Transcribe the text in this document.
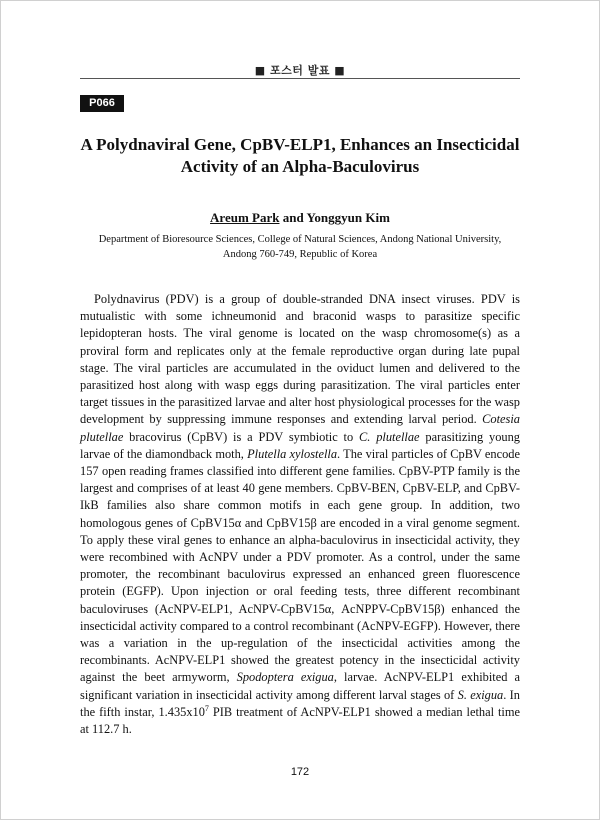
■ 포스터 발표 ■
P066
A Polydnaviral Gene, CpBV-ELP1, Enhances an Insecticidal
Activity of an Alpha-Baculovirus
Areum Park and Yonggyun Kim
Department of Bioresource Sciences, College of Natural Sciences, Andong National University,
Andong 760-749, Republic of Korea

Polydnavirus (PDV) is a group of double-stranded DNA insect viruses. PDV is mutualistic with some ichneumonid and braconid wasps to parasitize specific lepidopteran hosts. The viral genome is located on the wasp chromosome(s) as a proviral form and replicates only at the female reproductive organ during late pupal stage. The viral particles are accumulated in the oviduct lumen and delivered to the parasitized host along with wasp eggs during parasitization. The viral particles enter target tissues in the parasitized larvae and alter host physiological processes for the wasp development by suppressing immune responses and extending larval period. Cotesia plutellae bracovirus (CpBV) is a PDV symbiotic to C. plutellae parasitizing young larvae of the diamondback moth, Plutella xylostella. The viral particles of CpBV encode 157 open reading frames classified into different gene families. CpBV-PTP family is the largest and comprises of at least 40 gene members. CpBV-BEN, CpBV-ELP, and CpBV-IkB families also share common motifs in each gene group. In addition, two homologous genes of CpBV15α and CpBV15β are encoded in a viral genome segment. To apply these viral genes to enhance an alpha-baculovirus in insecticidal activity, they were recombined with AcNPV under a PDV promoter. As a control, under the same promoter, the recombinant baculovirus expressed an enhanced green fluorescence protein (EGFP). Upon injection or oral feeding tests, three different recombinant baculoviruses (AcNPV-ELP1, AcNPV-CpBV15α, AcNPPV-CpBV15β) enhanced the insecticidal activity compared to a control recombinant (AcNPV-EGFP). However, there was a variation in the up-regulation of the insecticidal activities among the recombinants. AcNPV-ELP1 showed the greatest potency in the insecticidal activity against the beet armyworm, Spodoptera exigua, larvae. AcNPV-ELP1 exhibited a significant variation in insecticidal activity among different larval stages of S. exigua. In the fifth instar, $1.435x10^7$ PIB treatment of AcNPV-ELP1 showed a median lethal time at 112.7 h.

172
